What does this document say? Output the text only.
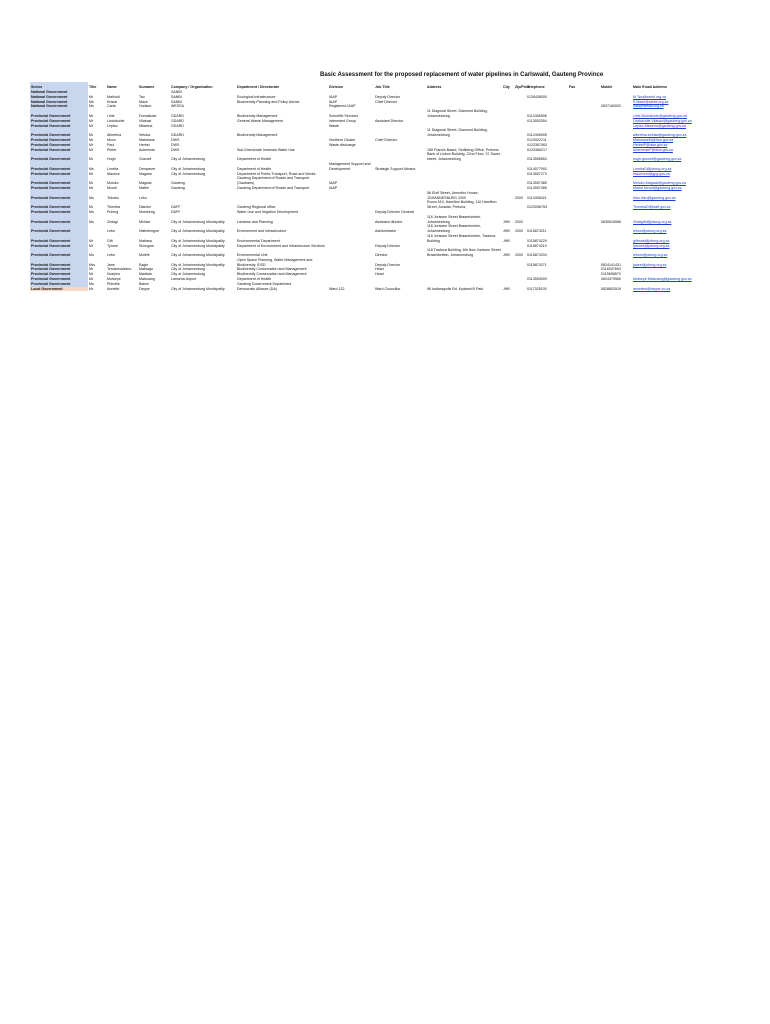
Basic Assessment for the proposed replacement of water pipelines in Carlswald, Gauteng Province
Sector	Title	Name	Surname	Company / Organisation	Department / Directorate	Division	Job Title	Address	City	Zip/Post	Telephone	Fax	Mobile	Main Email Address
National Government				SANBI										
National Government	Mr	Mahlodi	Tau	SANBI	Ecological Infrastructure	I&AP	Deputy Director				0128436000			M.Tau@sanbi.org.za
National Government	Ms	Kristal	Maze	SANBI	Biodiversity Planning and Policy Advice	I&AP	Chief Director							K.Maze@sanbi.org.za
National Government	Ms	Carla	Hudson	WESSA		Registered I&AP							0837160002	info@wessa.org.za
Provincial Government	Mr	Lihle	Dumakude	GDARD	Biodiversity Management	Scientific Services		11 Diagonal Street, Diamond Building, Johannesburg			0112406906			Lihle.Dumakude@gauteng.gov.za
Provincial Government	Mr	Lindokuhle	Vilakazi	GDARD	General Waste Management	Interested Group	Assistant Director				0113553354			Lindokuhle.Vilakazi@gauteng.gov.za
Provincial Government	Mr	Lepiso	Mkwena	GDARD		Waste								Lepiso.Mkwena@gauteng.gov.za
Provincial Government	Mr	Albertina	Setuka	GDARD	Biodiversity Management			11 Diagonal Street, Diamond Building, Johannesburg			0112406905			albertina.setuka@gauteng.gov.za
Provincial Government	Mr	Mzon	Matukane	DWS		Northern Cluster	Chief Director				0123922211			MatukaneM@dws.gov.za
Provincial Government	Mr	Paul	Herbst	DWS		Waste discharge					0123367063			HerbstP@dws.gov.za
Provincial Government	Mr	Pieter	Ackerman	DWS	Sub Directorate Instream Water Use			185 Francis Baard, Sedibeng Office, Pretoria			0123368217			AckermanP@dws.gov.za
Provincial Government	Mr	Hugh	Gosnell	City of Johannesburg	Department of Health			Bank of Lisbon Building, 22nd Floor, 37 Sauer street, Johannesburg			0113555553			hugh.gosnell@gauteng.gov.za
Provincial Government	Ms	Loretta	Dempsver	City of Johannesburg	Department of Health	Management Support and Development	Strategic Support Advisor				0114077093			LorettaD@joburg.org.za
Provincial Government	Mr	Maurice	Magane	City of Johannesburg	Department of Public Transport, Road and Works						0113557273			mauricem@gpg.gov.za
Provincial Government	Mr	Moloko	Magwai	Gauteng	Gauteng Department of Roads and Transport (Gautrans)	I&AP					0113557385			Moloko.Magwai@gauteng.gov.za
Provincial Government	Mr	Mzudi	Mathe	Gauteng	Gauteng Department of Roads and Transport	I&AP					0113557385			Mathe.Mzudi@gauteng.gov.za
Provincial Government	Ms	Tebobo	Leku					56 Eloff Street, Umnotho House, JOHANNESBURG 2000		2000	0113408421			tebo.leku@gauteng.gov.za
Provincial Government	Mr	Themba	Dlamini	DAFF	Gauteng Regional office			Room 619, Hamilton Building, 110 Hamilton Street, Arcadia, Pretoria,			0123096753			ThembaDl@daff.gov.za
Provincial Government	Ms	Puleng	Motokeng	DAFF	Water Use and Irrigation Development		Deputy Director General							
Provincial Government	Ms	Zintagi	Mkhize	City of Johannesburg Municipality	Landuse and Planning		Assistant director	116 Jorissen Street Braamfontein, Johannesburg	JHB	2000			0835515986	ZintagiM@joburg.org.za
Provincial Government		Lebo	Ntshelengoe	City of Johannesburg Municipality	Environment and Infrastructure		Administrator	116 Jorissen Street Braamfontein, Johannesburg	JHB	2000	0115874211			lebon@joburg.org.za
Provincial Government	Mr	Gift	Mabasa	City of Johannesburg Municipality	Environmental Department			118 Jorissen Street Braamfontein, Traduna Building	JHB		0115874229			giftmab@joburg.org.za
Provincial Government	Mr	Tyrone	Shongwe	City of Johannesburg Municipality	Department of Environment and Infrastructure Services		Deputy Director				0115874219			tyrones@joburg.org.za
Provincial Government	Ms	Lebo	Molefe	City of Johannesburg Municipality	Environmental Unit		Director	118 Traduna Building, 6th floor Jorissen Street Braamfontein, Johannesburg	JHB	2000	0115874204			lebom@joburg.org.za
Provincial Government	Mrs	Jane	Eagle	City of Johannesburg Municipality	Open Space Planning, Water Management and Biodiversity, EISD		Deputy Director				0115874271		0824141431	janee@joburg.org.za
Provincial Government	Mr	Tendamudzimu	Mathagu	City of Johannesburg	Biodiversity Conservation and Management		Head						0118347694	
Provincial Government	Mr	Nozipho	Madlala	City of Johannesburg	Biodiversity Conservation and Management		Head						0115658570	
Provincial Government	Mr	Motsepe	Matsuang	Lanseria Airport	Department of Health						0113553009		0824379960	Motsepe.Matsuang@gauteng.gov.za
Provincial Government	Ms	Phindile	Baleni		Gauteng Government Department									
Local Government	Mr	Annette	Deppe	City of Johannesburg Municipality	Democratic Alliance (DA)	Ward 132	Ward Councillor	96 Indianapolis Rd, Kyalami B Park	JHB		0117025100		0828603519	annetted@deppe.co.za
